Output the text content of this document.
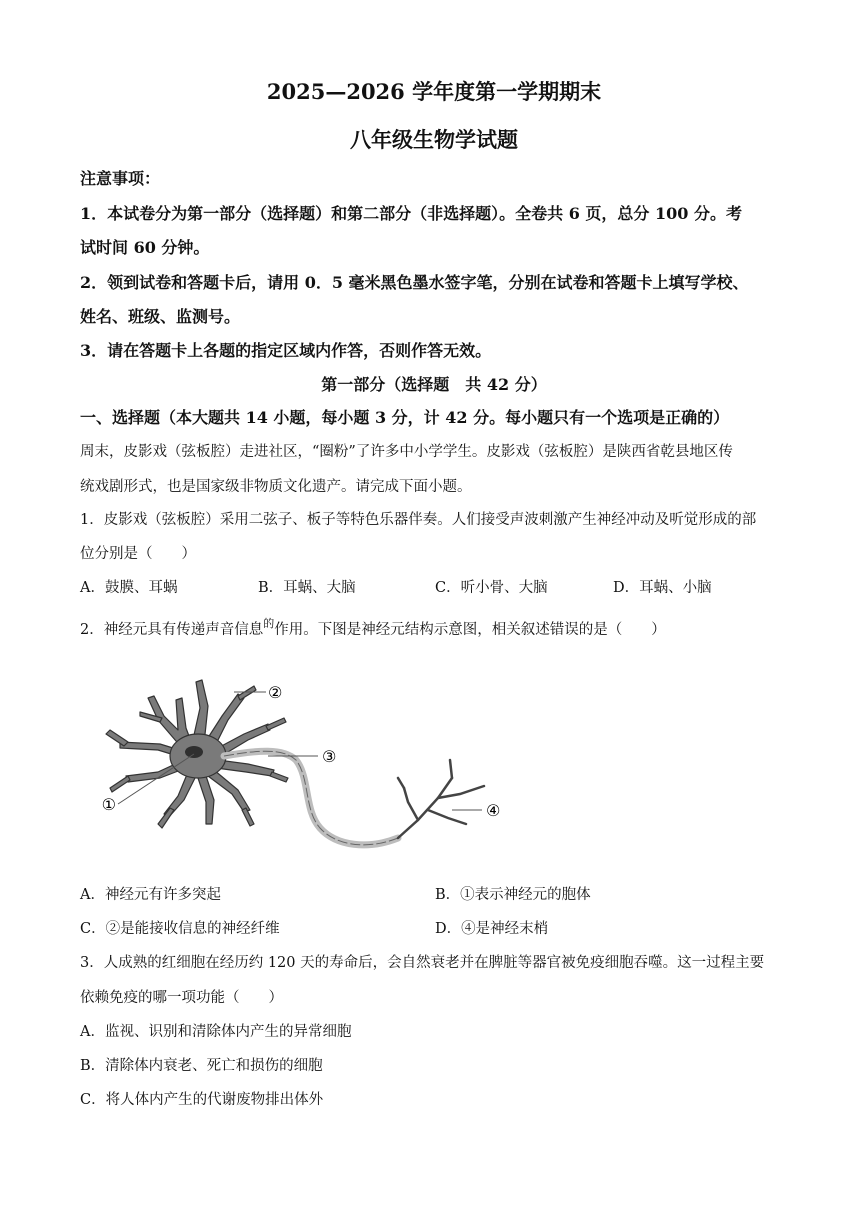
2025—2026 学年度第一学期期末
八年级生物学试题
注意事项：
1．本试卷分为第一部分（选择题）和第二部分（非选择题）。全卷共 6 页，总分 100 分。考
试时间 60 分钟。
2．领到试卷和答题卡后，请用 0．5 毫米黑色墨水签字笔，分别在试卷和答题卡上填写学校、
姓名、班级、监测号。
3．请在答题卡上各题的指定区域内作答，否则作答无效。
第一部分（选择题　共 42 分）
一、选择题（本大题共 14 小题，每小题 3 分，计 42 分。每小题只有一个选项是正确的）
周末，皮影戏（弦板腔）走进社区，“圈粉”了许多中小学学生。皮影戏（弦板腔）是陕西省乾县地区传
统戏剧形式，也是国家级非物质文化遗产。请完成下面小题。
1．皮影戏（弦板腔）采用二弦子、板子等特色乐器伴奏。人们接受声波刺激产生神经冲动及听觉形成的部
位分别是（　　）
A．鼓膜、耳蜗	B．耳蜗、大脑	C．听小骨、大脑	D．耳蜗、小脑
2．神经元具有传递声音信息$^的$作用。下图是神经元结构示意图，相关叙述错误的是（　　）
①
②
③
④
A．神经元有许多突起	B．①表示神经元的胞体
C．②是能接收信息的神经纤维	D．④是神经末梢
3．人成熟的红细胞在经历约 120 天的寿命后，会自然衰老并在脾脏等器官被免疫细胞吞噬。这一过程主要
依赖免疫的哪一项功能（　　）
A．监视、识别和清除体内产生的异常细胞
B．清除体内衰老、死亡和损伤的细胞
C．将人体内产生的代谢废物排出体外
